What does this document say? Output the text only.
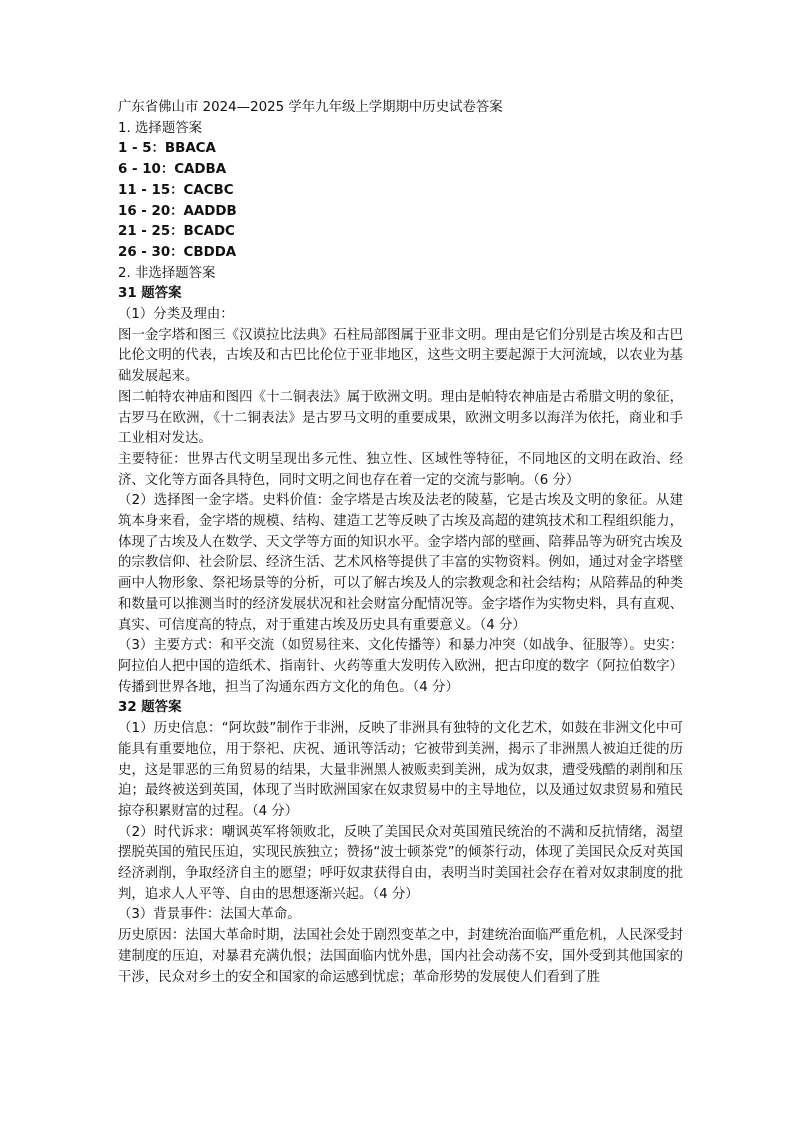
广东省佛山市 2024—2025 学年九年级上学期期中历史试卷答案
1. 选择题答案
1 - 5：BBACA
6 - 10：CADBA
11 - 15：CACBC
16 - 20：AADDB
21 - 25：BCADC
26 - 30：CBDDA
2. 非选择题答案
31 题答案
（1）分类及理由：
图一金字塔和图三《汉谟拉比法典》石柱局部图属于亚非文明。理由是它们分别是古埃及和古巴比伦文明的代表，古埃及和古巴比伦位于亚非地区，这些文明主要起源于大河流域，以农业为基础发展起来。
图二帕特农神庙和图四《十二铜表法》属于欧洲文明。理由是帕特农神庙是古希腊文明的象征，古罗马在欧洲，《十二铜表法》是古罗马文明的重要成果，欧洲文明多以海洋为依托，商业和手工业相对发达。
主要特征：世界古代文明呈现出多元性、独立性、区域性等特征，不同地区的文明在政治、经济、文化等方面各具特色，同时文明之间也存在着一定的交流与影响。（6 分）
（2）选择图一金字塔。史料价值：金字塔是古埃及法老的陵墓，它是古埃及文明的象征。从建筑本身来看，金字塔的规模、结构、建造工艺等反映了古埃及高超的建筑技术和工程组织能力，体现了古埃及人在数学、天文学等方面的知识水平。金字塔内部的壁画、陪葬品等为研究古埃及的宗教信仰、社会阶层、经济生活、艺术风格等提供了丰富的实物资料。例如，通过对金字塔壁画中人物形象、祭祀场景等的分析，可以了解古埃及人的宗教观念和社会结构；从陪葬品的种类和数量可以推测当时的经济发展状况和社会财富分配情况等。金字塔作为实物史料，具有直观、真实、可信度高的特点，对于重建古埃及历史具有重要意义。（4 分）
（3）主要方式：和平交流（如贸易往来、文化传播等）和暴力冲突（如战争、征服等）。史实：阿拉伯人把中国的造纸术、指南针、火药等重大发明传入欧洲，把古印度的数字（阿拉伯数字）传播到世界各地，担当了沟通东西方文化的角色。（4 分）
32 题答案
（1）历史信息：“阿坎鼓”制作于非洲，反映了非洲具有独特的文化艺术，如鼓在非洲文化中可能具有重要地位，用于祭祀、庆祝、通讯等活动；它被带到美洲，揭示了非洲黑人被迫迁徙的历史，这是罪恶的三角贸易的结果，大量非洲黑人被贩卖到美洲，成为奴隶，遭受残酷的剥削和压迫；最终被送到英国，体现了当时欧洲国家在奴隶贸易中的主导地位，以及通过奴隶贸易和殖民掠夺积累财富的过程。（4 分）
（2）时代诉求：嘲讽英军将领败北，反映了美国民众对英国殖民统治的不满和反抗情绪，渴望摆脱英国的殖民压迫，实现民族独立；赞扬“波士顿茶党”的倾茶行动，体现了美国民众反对英国经济剥削，争取经济自主的愿望；呼吁奴隶获得自由，表明当时美国社会存在着对奴隶制度的批判，追求人人平等、自由的思想逐渐兴起。（4 分）
（3）背景事件：法国大革命。
历史原因：法国大革命时期，法国社会处于剧烈变革之中，封建统治面临严重危机，人民深受封建制度的压迫，对暴君充满仇恨；法国面临内忧外患，国内社会动荡不安，国外受到其他国家的干涉，民众对乡土的安全和国家的命运感到忧虑；革命形势的发展使人们看到了胜
